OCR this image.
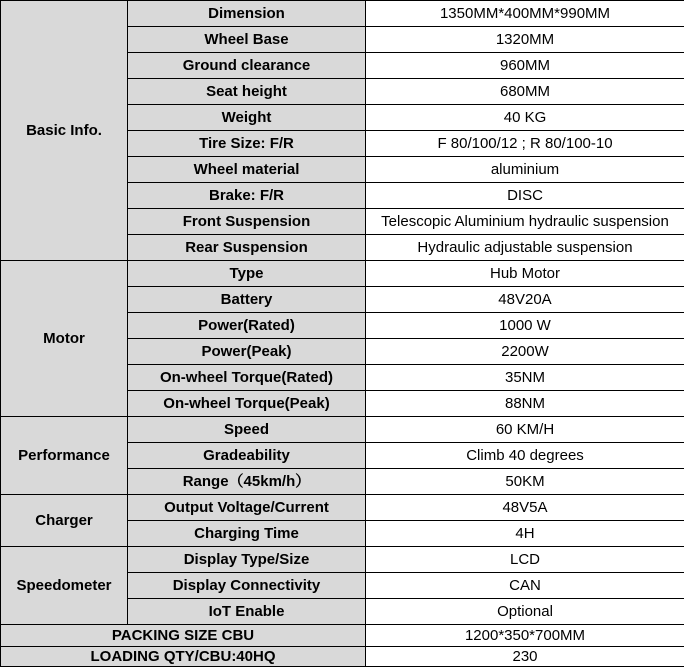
Basic Info.	Dimension	1350MM*400MM*990MM
	Wheel Base	1320MM
	Ground clearance	960MM
	Seat height	680MM
	Weight	40 KG
	Tire Size: F/R	F 80/100/12 ; R 80/100-10
	Wheel material	aluminium
	Brake: F/R	DISC
	Front Suspension	Telescopic Aluminium hydraulic suspension
	Rear Suspension	Hydraulic adjustable suspension
Motor	Type	Hub Motor
	Battery	48V20A
	Power(Rated)	1000 W
	Power(Peak)	2200W
	On-wheel Torque(Rated)	35NM
	On-wheel Torque(Peak)	88NM
Performance	Speed	60 KM/H
	Gradeability	Climb 40 degrees
	Range（45km/h）	50KM
Charger	Output Voltage/Current	48V5A
	Charging Time	4H
Speedometer	Display Type/Size	LCD
	Display Connectivity	CAN
	IoT Enable	Optional
PACKING SIZE CBU		1200*350*700MM
LOADING QTY/CBU:40HQ		230
